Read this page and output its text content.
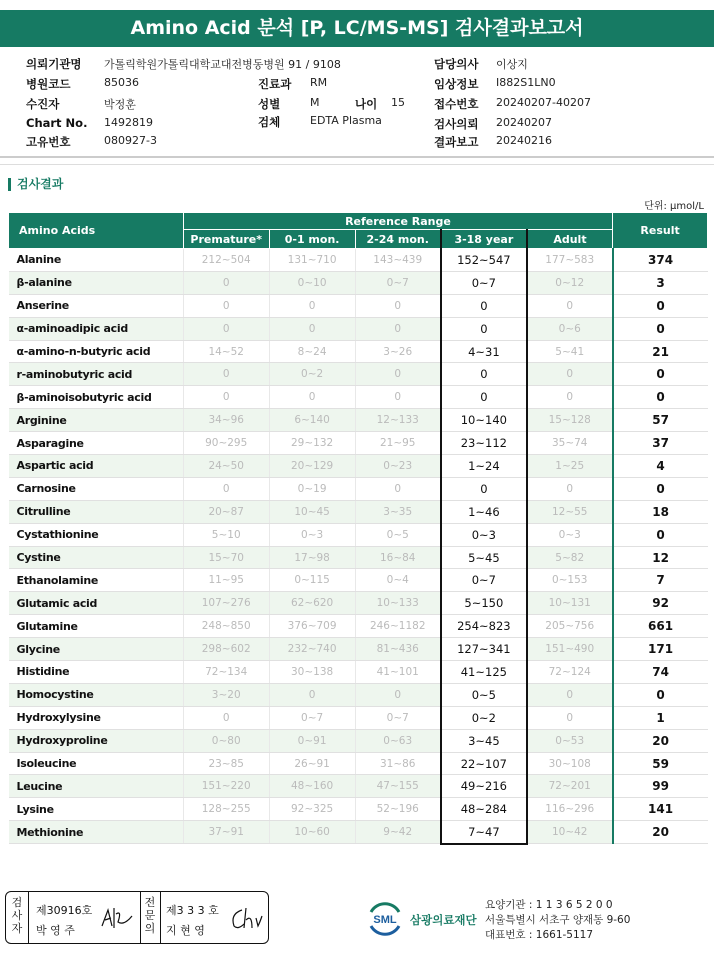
Amino Acid 분석 [P, LC/MS-MS] 검사결과보고서
의뢰기관명 가톨릭학원가톨릭대학교대전병동병원 91 / 9108
병원코드	85036
수진자	박정훈
Chart No. 1492819
고유번호	080927-3
진료과 RM
성별	M	나이 15
검체	EDTA Plasma
담당의사 이상지
임상정보 I882S1LN0
접수번호 20240207-40207
검사의뢰 20240207
결과보고 20240216
검사결과
단위: μmol/L
Amino Acids	Reference Range					Result
	Premature*	0-1 mon.	2-24 mon.	3-18 year	Adult	
Alanine	212~504	131~710	143~439	152~547	177~583	374
β-alanine	0	0~10	0~7	0~7	0~12	3
Anserine	0	0	0	0	0	0
α-aminoadipic acid	0	0	0	0	0~6	0
α-amino-n-butyric acid	14~52	8~24	3~26	4~31	5~41	21
r-aminobutyric acid	0	0~2	0	0	0	0
β-aminoisobutyric acid	0	0	0	0	0	0
Arginine	34~96	6~140	12~133	10~140	15~128	57
Asparagine	90~295	29~132	21~95	23~112	35~74	37
Aspartic acid	24~50	20~129	0~23	1~24	1~25	4
Carnosine	0	0~19	0	0	0	0
Citrulline	20~87	10~45	3~35	1~46	12~55	18
Cystathionine	5~10	0~3	0~5	0~3	0~3	0
Cystine	15~70	17~98	16~84	5~45	5~82	12
Ethanolamine	11~95	0~115	0~4	0~7	0~153	7
Glutamic acid	107~276	62~620	10~133	5~150	10~131	92
Glutamine	248~850	376~709	246~1182	254~823	205~756	661
Glycine	298~602	232~740	81~436	127~341	151~490	171
Histidine	72~134	30~138	41~101	41~125	72~124	74
Homocystine	3~20	0	0	0~5	0	0
Hydroxylysine	0	0~7	0~7	0~2	0	1
Hydroxyproline	0~80	0~91	0~63	3~45	0~53	20
Isoleucine	23~85	26~91	31~86	22~107	30~108	59
Leucine	151~220	48~160	47~155	49~216	72~201	99
Lysine	128~255	92~325	52~196	48~284	116~296	141
Methionine	37~91	10~60	9~42	7~47	10~42	20
검사자
제30916호
박 영 주
전문의
제3 3 3 호
지 현 영
SML 삼광의료재단
요양기관 : 1 1 3 6 5 2 0 0
서울특별시 서초구 양재동 9-60
대표번호 : 1661-5117
